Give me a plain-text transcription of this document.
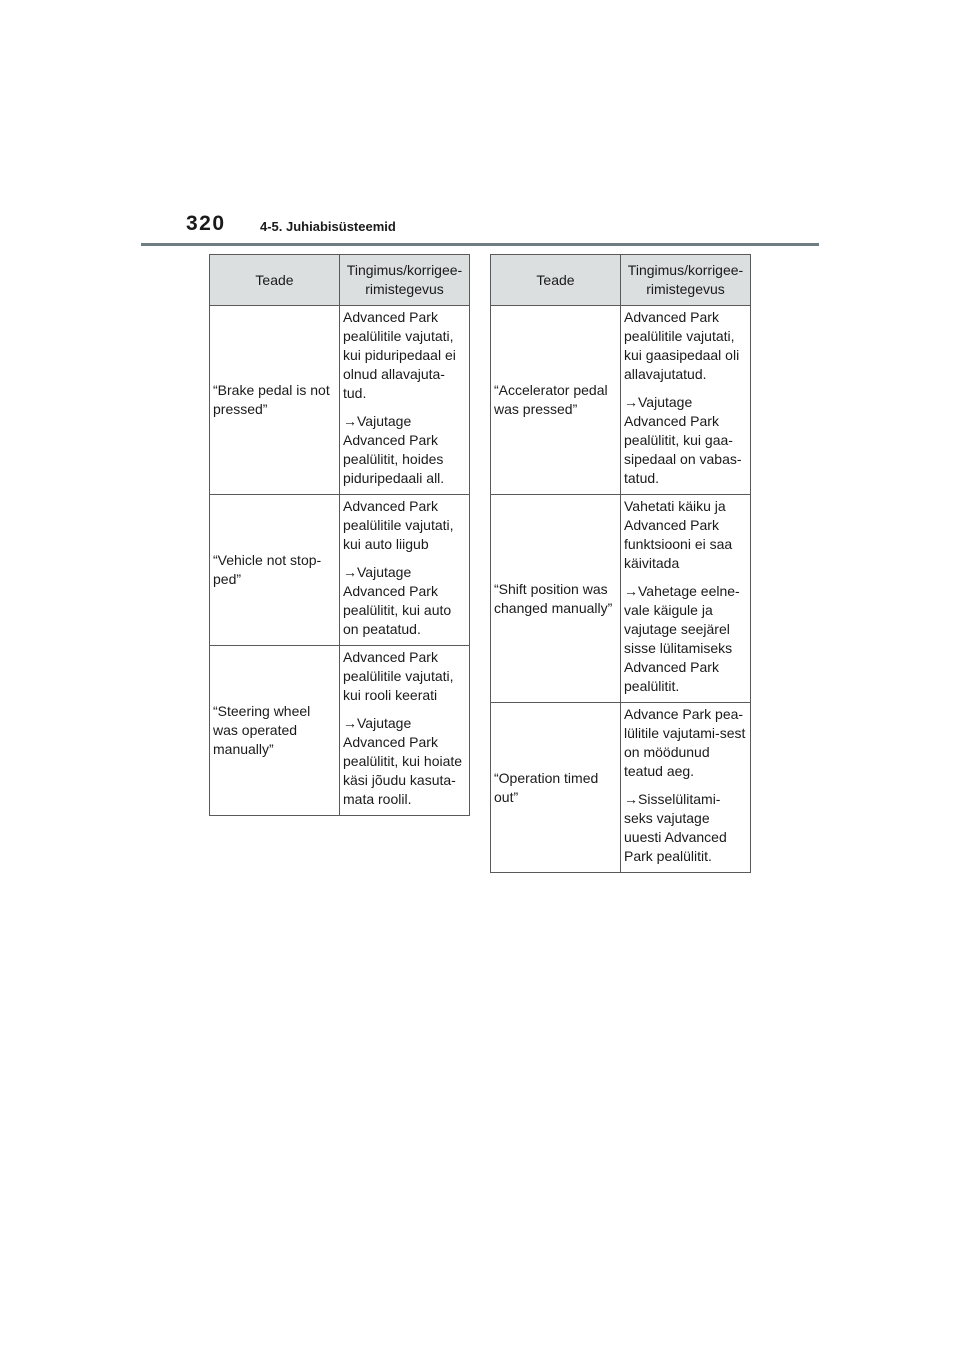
320	4-5. Juhiabisüsteemid
Teade	Tingimus/korrigee-rimistegevus
“Brake pedal is not pressed”	Advanced Park pealülitile vajutati, kui piduripedaal ei olnud allavajuta-tud.

→Vajutage Advanced Park pealülitit, hoides piduripedaali all.

“Vehicle not stop-ped”	Advanced Park pealülitile vajutati, kui auto liigub

→Vajutage Advanced Park pealülitit, kui auto on peatatud.

“Steering wheel was operated manually”	Advanced Park pealülitile vajutati, kui rooli keerati

→Vajutage Advanced Park pealülitit, kui hoiate käsi jõudu kasuta-mata roolil.

Teade	Tingimus/korrigee-rimistegevus
“Accelerator pedal was pressed”	Advanced Park pealülitile vajutati, kui gaasipedaal oli allavajutatud.

→Vajutage Advanced Park pealülitit, kui gaa-sipedaal on vabas-tatud.

“Shift position was changed manually”	Vahetati käiku ja Advanced Park funktsiooni ei saa käivitada

→Vahetage eelne-vale käigule ja vajutage seejärel sisse lülitamiseks Advanced Park pealülitit.

“Operation timed out”	Advance Park pea-lülitile vajutami-sest on möödunud teatud aeg.

→Sisselülitami-seks vajutage uuesti Advanced Park pealülitit.
